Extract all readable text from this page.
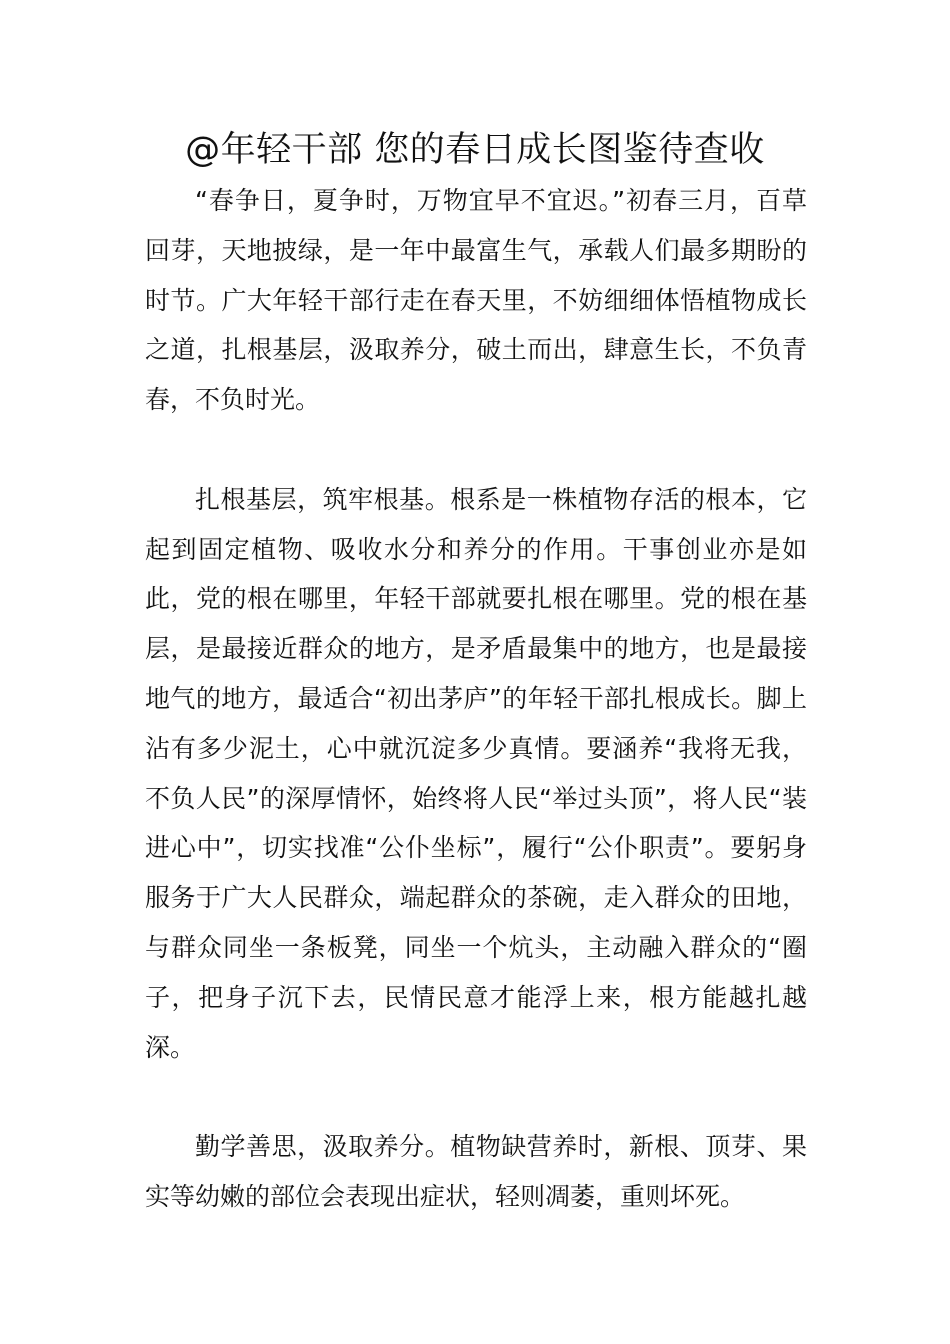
@年轻干部 您的春日成长图鉴待查收

“春争日，夏争时，万物宜早不宜迟。”初春三月，百草回芽，天地披绿，是一年中最富生气，承载人们最多期盼的时节。广大年轻干部行走在春天里，不妨细细体悟植物成长之道，扎根基层，汲取养分，破土而出，肆意生长，不负青春，不负时光。

扎根基层，筑牢根基。根系是一株植物存活的根本，它起到固定植物、吸收水分和养分的作用。干事创业亦是如此，党的根在哪里，年轻干部就要扎根在哪里。党的根在基层，是最接近群众的地方，是矛盾最集中的地方，也是最接地气的地方，最适合“初出茅庐”的年轻干部扎根成长。脚上沾有多少泥土，心中就沉淀多少真情。要涵养“我将无我，不负人民”的深厚情怀，始终将人民“举过头顶”，将人民“装进心中”，切实找准“公仆坐标”，履行“公仆职责”。要躬身服务于广大人民群众，端起群众的茶碗，走入群众的田地，与群众同坐一条板凳，同坐一个炕头，主动融入群众的“圈子，把身子沉下去，民情民意才能浮上来，根方能越扎越深。

勤学善思，汲取养分。植物缺营养时，新根、顶芽、果实等幼嫩的部位会表现出症状，轻则凋萎，重则坏死。
